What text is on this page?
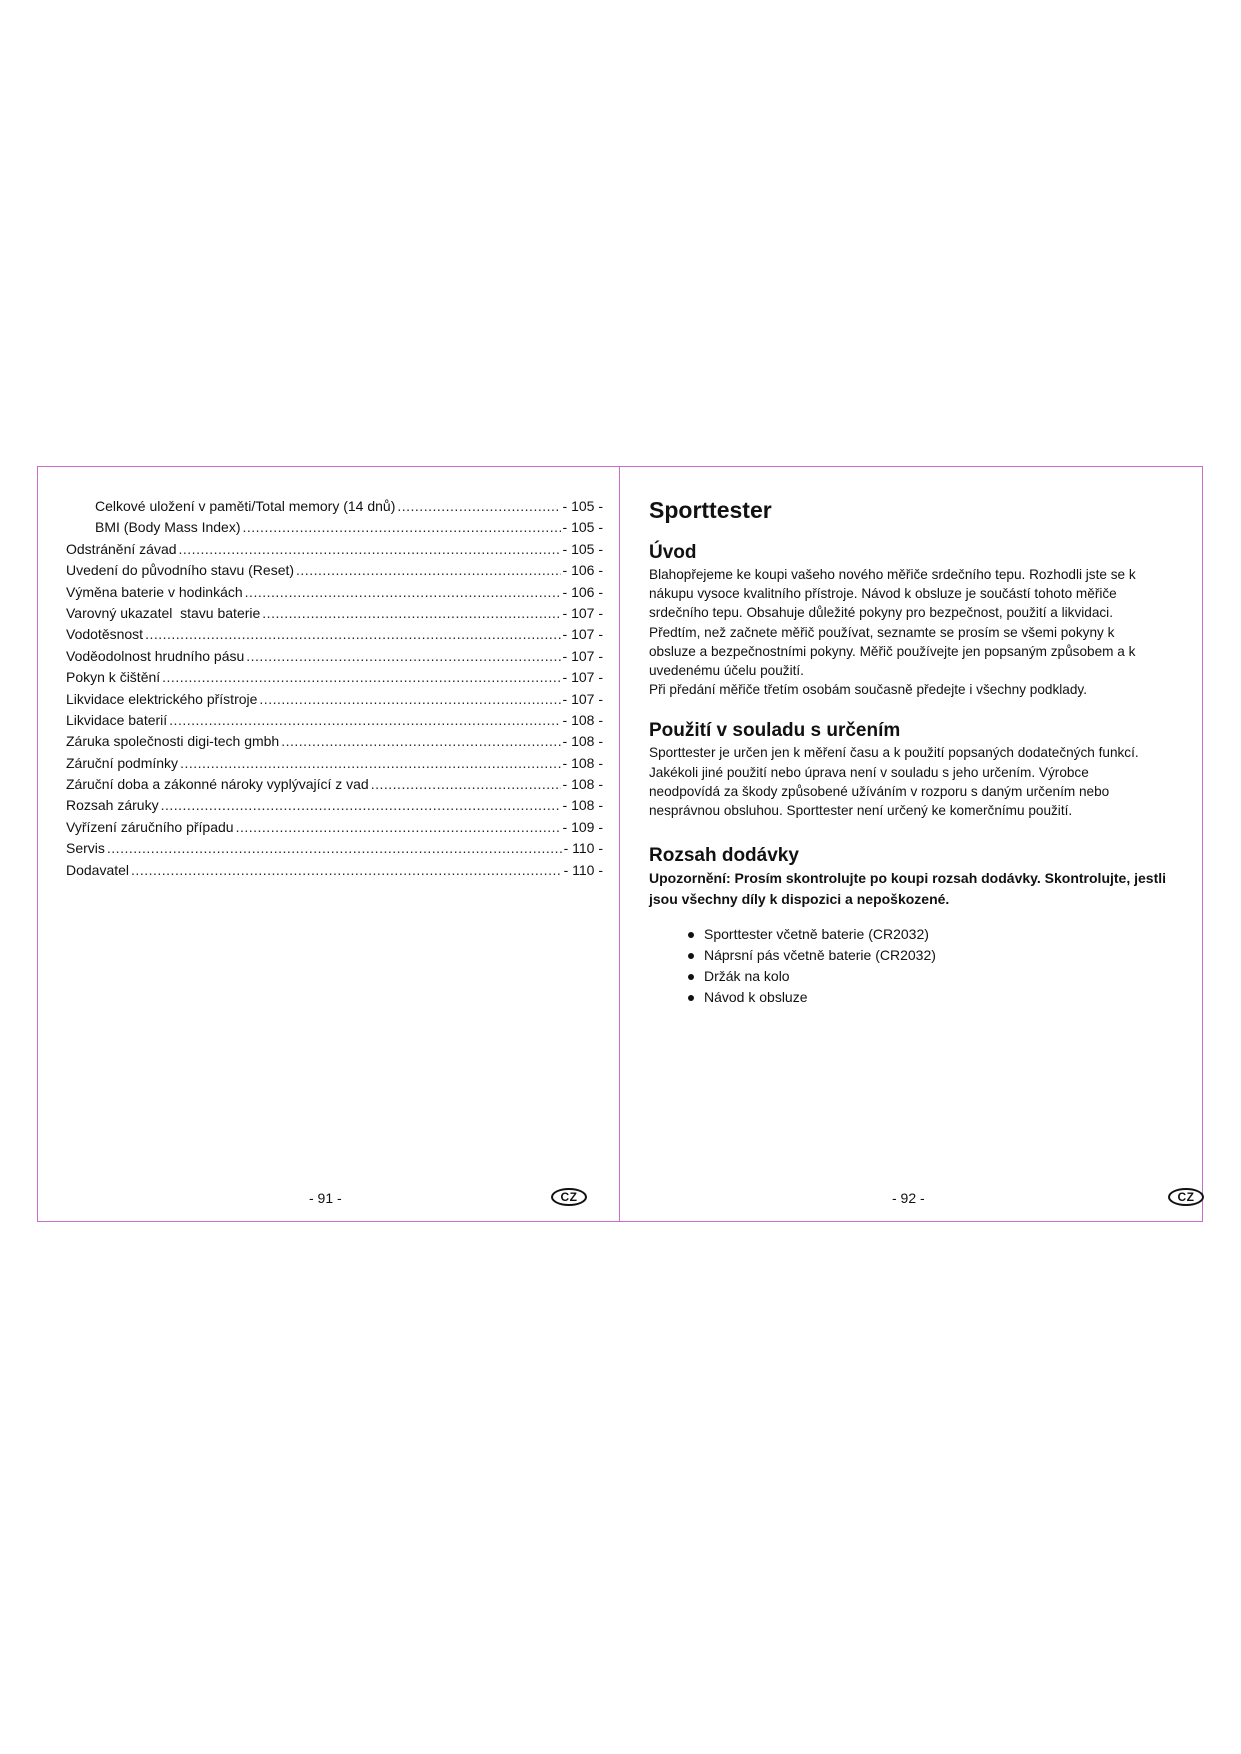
Celkové uložení v paměti/Total memory (14 dnů) .....	- 105 -
BMI (Body Mass Index) .....	- 105 -
Odstránění závad .....	- 105 -
Uvedení do původního stavu (Reset) .....	- 106 -
Výměna baterie v hodinkách .....	- 106 -
Varovný ukazatel  stavu baterie .....	- 107 -
Vodotěsnost .....	- 107 -
Voděodolnost hrudního pásu .....	- 107 -
Pokyn k čištění .....	- 107 -
Likvidace elektrického přístroje .....	- 107 -
Likvidace baterií .....	- 108 -
Záruka společnosti digi-tech gmbh .....	- 108 -
Záruční podmínky .....	- 108 -
Záruční doba a zákonné nároky vyplývající z vad .....	- 108 -
Rozsah záruky .....	- 108 -
Vyřízení záručního případu .....	- 109 -
Servis .....	- 110 -
Dodavatel .....	- 110 -
- 91 -	CZ
Sporttester
Úvod

Blahopřejeme ke koupi vašeho nového měřiče srdečního tepu. Rozhodli jste se k

nákupu vysoce kvalitního přístroje. Návod k obsluze je součástí tohoto měřiče

srdečního tepu. Obsahuje důležité pokyny pro bezpečnost, použití a likvidaci.

Předtím, než začnete měřič používat, seznamte se prosím se všemi pokyny k

obsluze a bezpečnostními pokyny. Měřič používejte jen popsaným způsobem a k

uvedenému účelu použití.

Při předání měřiče třetím osobám současně předejte i všechny podklady.

Použití v souladu s určením

Sporttester je určen jen k měření času a k použití popsaných dodatečných funkcí.

Jakékoli jiné použití nebo úprava není v souladu s jeho určením. Výrobce

neodpovídá za škody způsobené užíváním v rozporu s daným určením nebo

nesprávnou obsluhou. Sporttester není určený ke komerčnímu použití.

Rozsah dodávky

Upozornění: Prosím skontrolujte po koupi rozsah dodávky. Skontrolujte, jestli

jsou všechny díly k dispozici a nepoškozené.

Sporttester včetně baterie (CR2032)
Náprsní pás včetně baterie (CR2032)
Držák na kolo
Návod k obsluze
- 92 -	CZ
